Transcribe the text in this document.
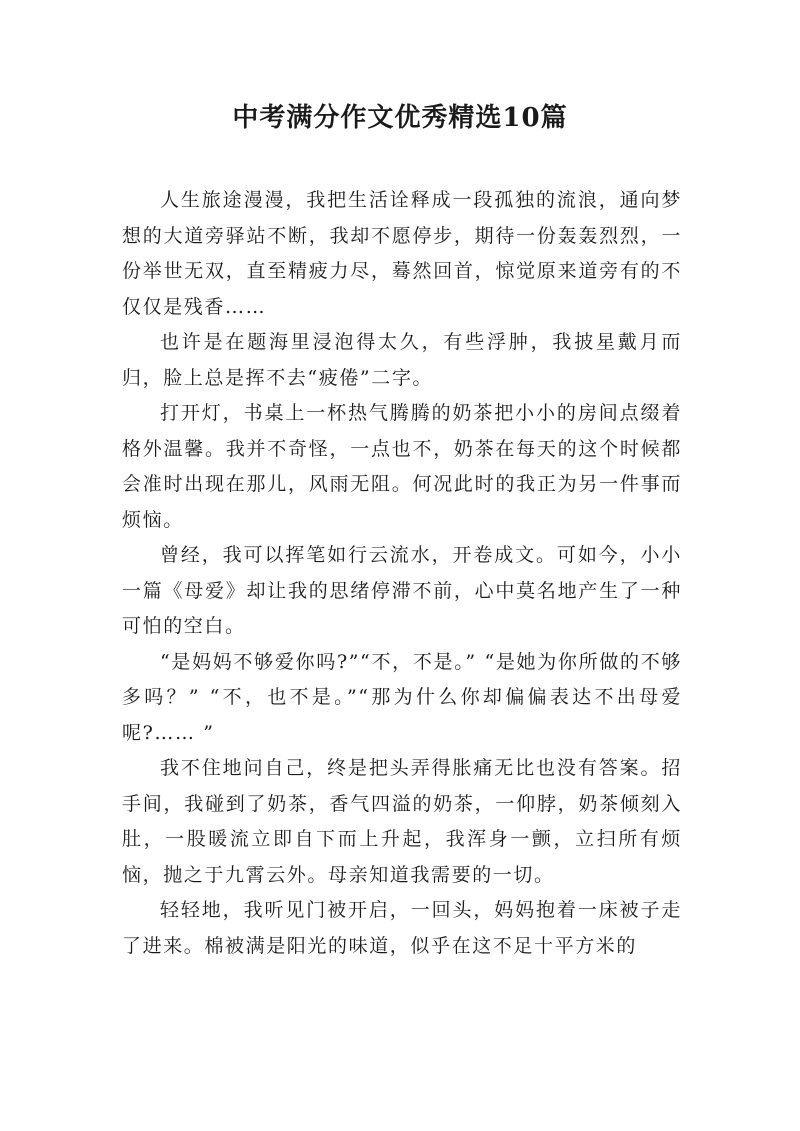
中考满分作文优秀精选10篇

人生旅途漫漫，我把生活诠释成一段孤独的流浪，通向梦想的大道旁驿站不断，我却不愿停步，期待一份轰轰烈烈，一份举世无双，直至精疲力尽，蓦然回首，惊觉原来道旁有的不仅仅是残香……

也许是在题海里浸泡得太久，有些浮肿，我披星戴月而归，脸上总是挥不去“疲倦”二字。

打开灯，书桌上一杯热气腾腾的奶茶把小小的房间点缀着格外温馨。我并不奇怪，一点也不，奶茶在每天的这个时候都会准时出现在那儿，风雨无阻。何况此时的我正为另一件事而烦恼。

曾经，我可以挥笔如行云流水，开卷成文。可如今，小小一篇《母爱》却让我的思绪停滞不前，心中莫名地产生了一种可怕的空白。

“是妈妈不够爱你吗?”“不，不是。” “是她为你所做的不够多吗？” “不，也不是。”“那为什么你却偏偏表达不出母爱呢?…… ”

我不住地问自己，终是把头弄得胀痛无比也没有答案。招手间，我碰到了奶茶，香气四溢的奶茶，一仰脖，奶茶倾刻入肚，一股暖流立即自下而上升起，我浑身一颤，立扫所有烦恼，抛之于九霄云外。母亲知道我需要的一切。

轻轻地，我听见门被开启，一回头，妈妈抱着一床被子走了进来。棉被满是阳光的味道，似乎在这不足十平方米的
